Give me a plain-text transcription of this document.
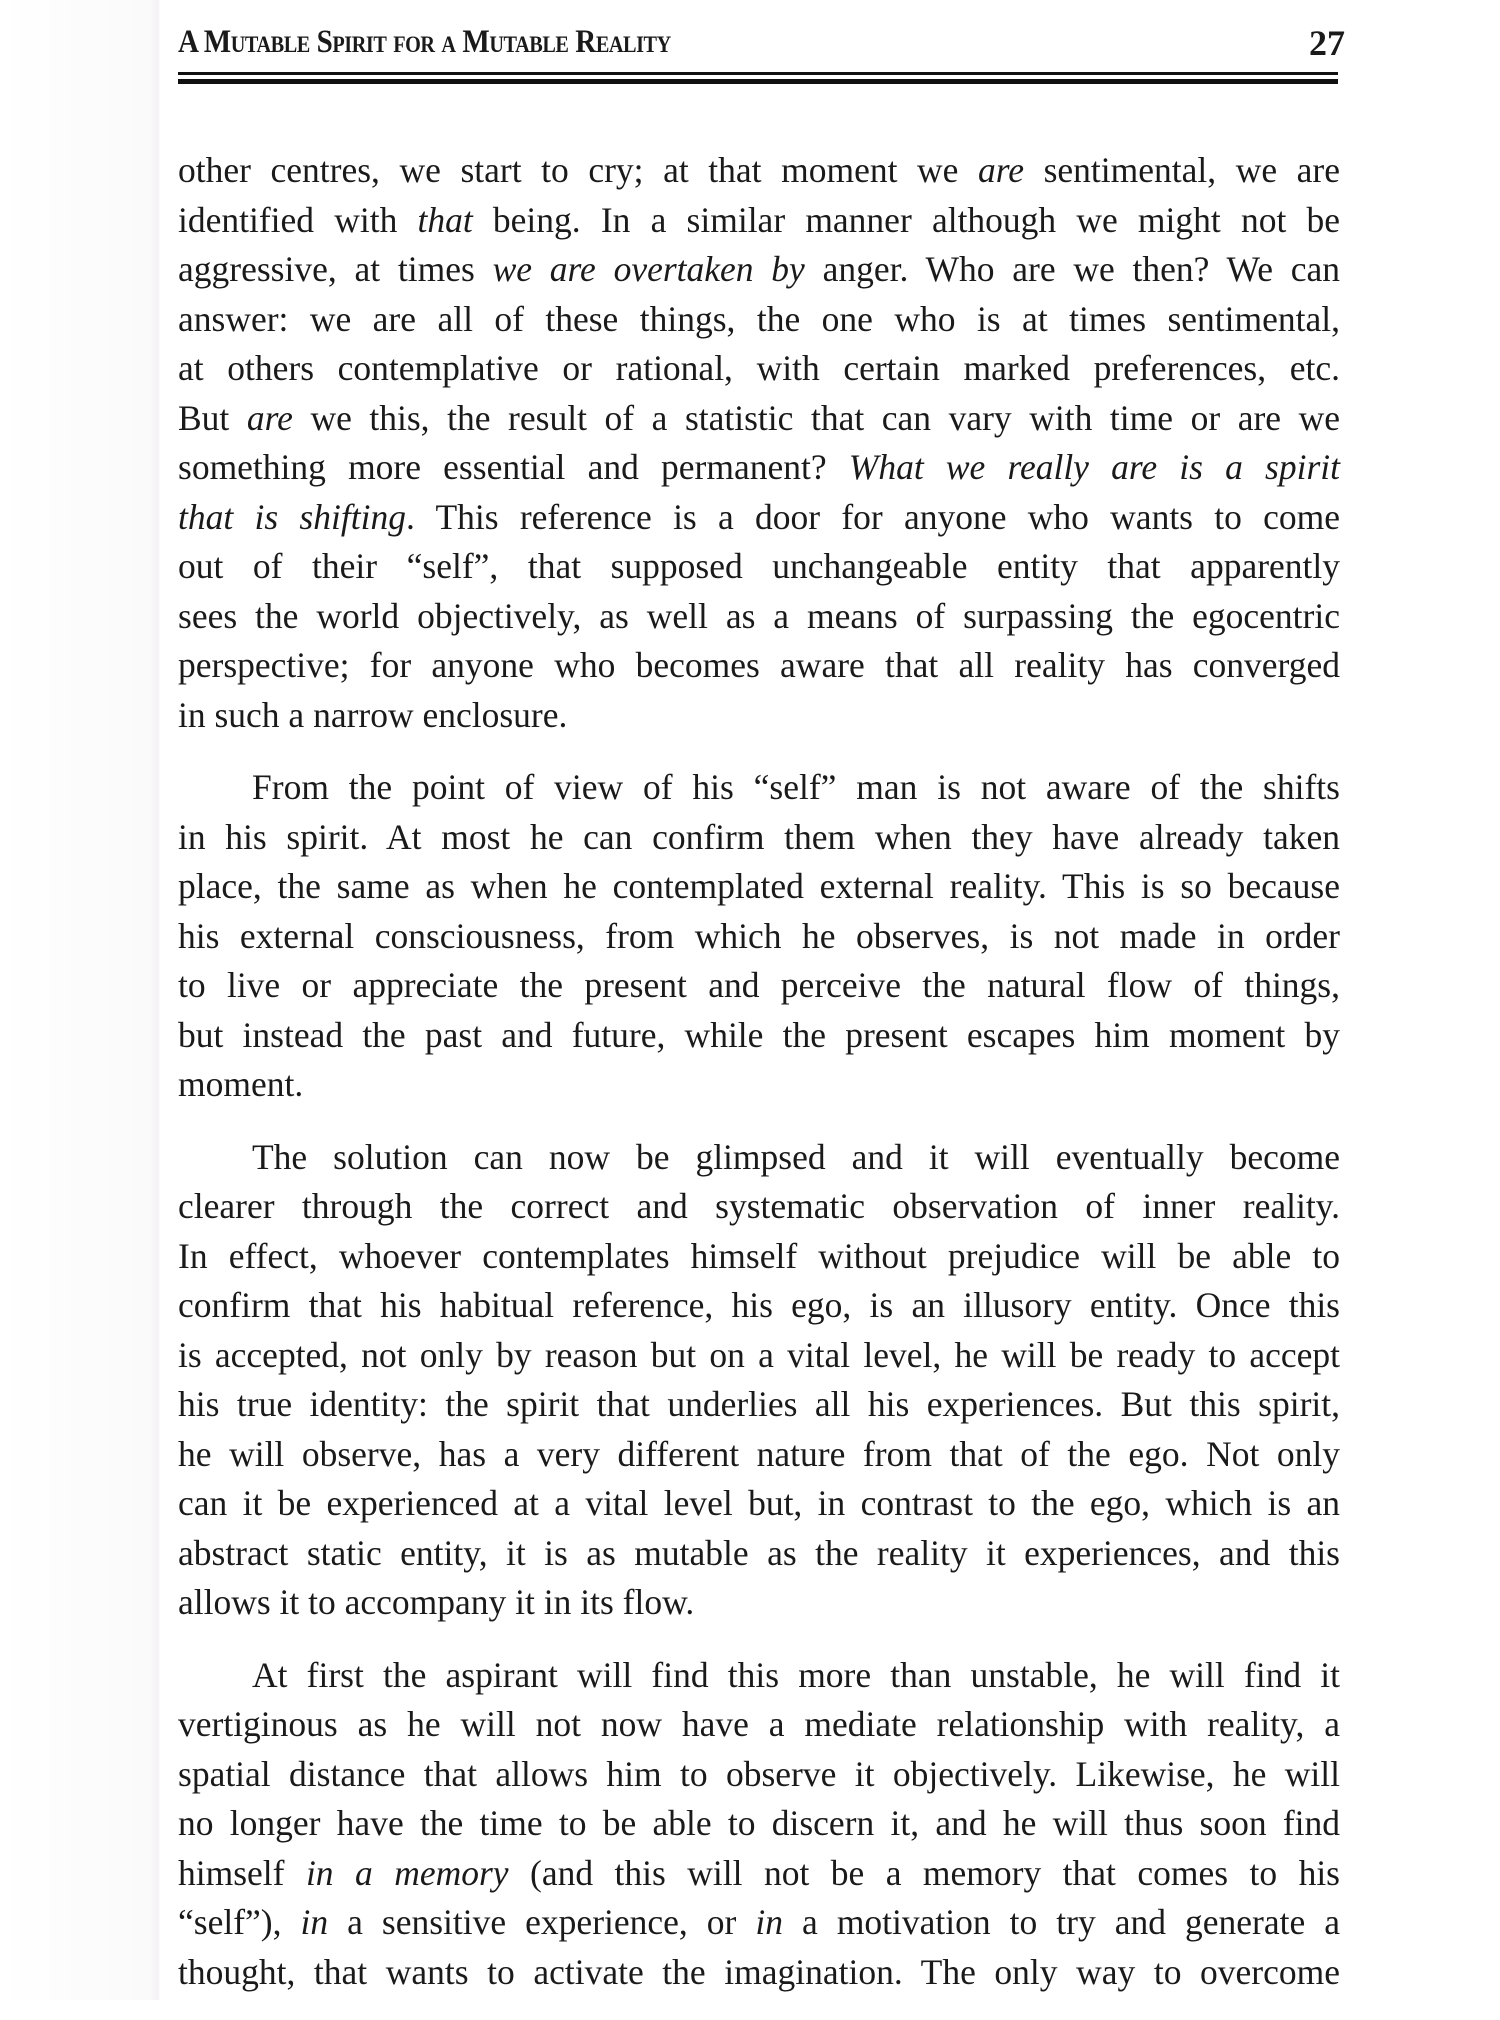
A Mutable Spirit for a Mutable Reality	27
other centres, we start to cry; at that moment we are sentimental, we are
identified with that being. In a similar manner although we might not be
aggressive, at times we are overtaken by anger. Who are we then? We can
answer: we are all of these things, the one who is at times sentimental,
at others contemplative or rational, with certain marked preferences, etc.
But are we this, the result of a statistic that can vary with time or are we
something more essential and permanent? What we really are is a spirit
that is shifting. This reference is a door for anyone who wants to come
out of their “self”, that supposed unchangeable entity that apparently
sees the world objectively, as well as a means of surpassing the egocentric
perspective; for anyone who becomes aware that all reality has converged
in such a narrow enclosure.
From the point of view of his “self” man is not aware of the shifts
in his spirit. At most he can confirm them when they have already taken
place, the same as when he contemplated external reality. This is so because
his external consciousness, from which he observes, is not made in order
to live or appreciate the present and perceive the natural flow of things,
but instead the past and future, while the present escapes him moment by
moment.
The solution can now be glimpsed and it will eventually become
clearer through the correct and systematic observation of inner reality.
In effect, whoever contemplates himself without prejudice will be able to
confirm that his habitual reference, his ego, is an illusory entity. Once this
is accepted, not only by reason but on a vital level, he will be ready to accept
his true identity: the spirit that underlies all his experiences. But this spirit,
he will observe, has a very different nature from that of the ego. Not only
can it be experienced at a vital level but, in contrast to the ego, which is an
abstract static entity, it is as mutable as the reality it experiences, and this
allows it to accompany it in its flow.
At first the aspirant will find this more than unstable, he will find it
vertiginous as he will not now have a mediate relationship with reality, a
spatial distance that allows him to observe it objectively. Likewise, he will
no longer have the time to be able to discern it, and he will thus soon find
himself in a memory (and this will not be a memory that comes to his
“self”), in a sensitive experience, or in a motivation to try and generate a
thought, that wants to activate the imagination. The only way to overcome
